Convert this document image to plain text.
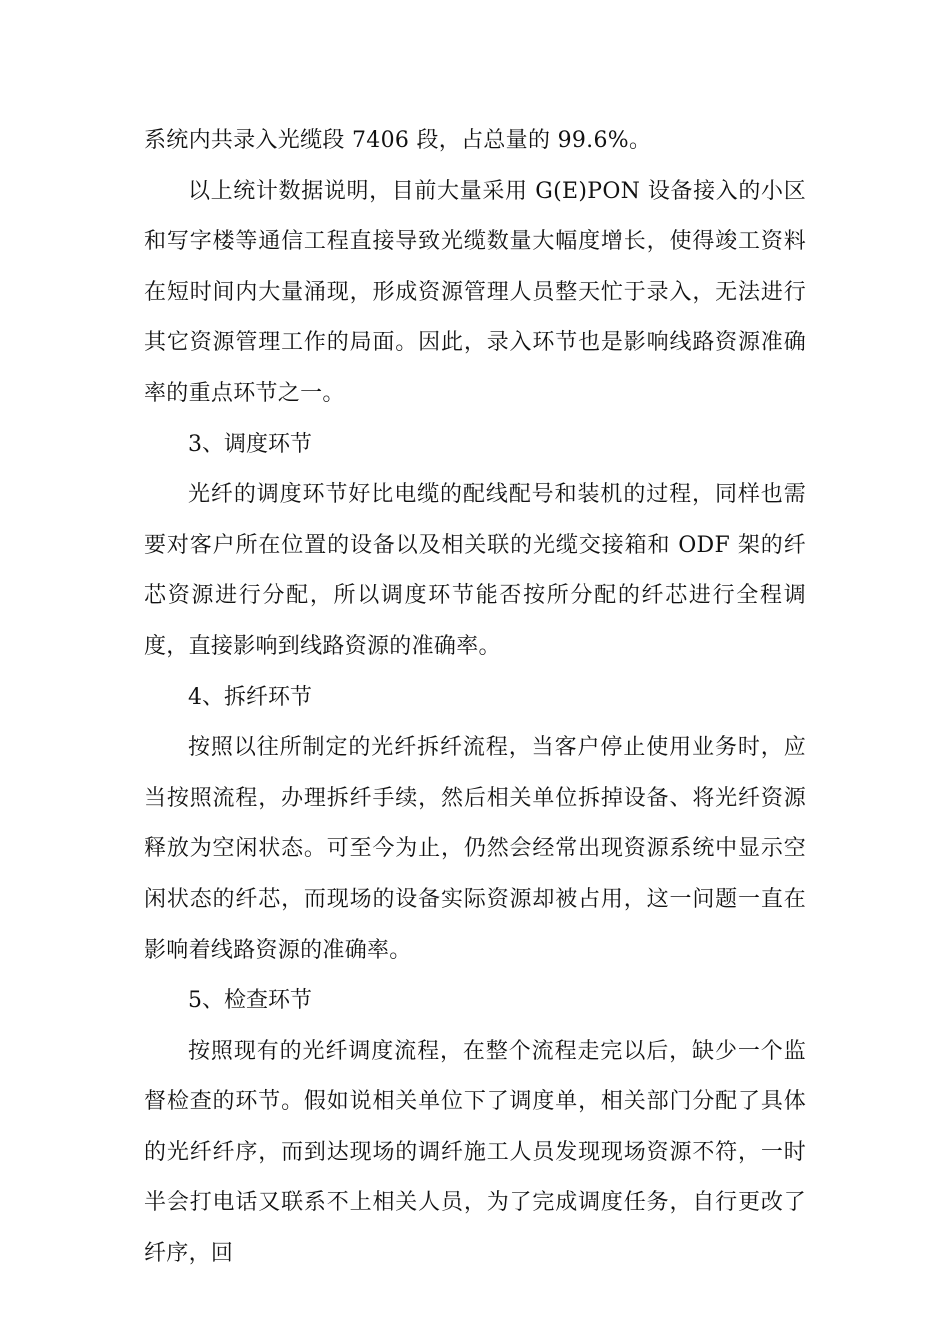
系统内共录入光缆段 7406 段，占总量的 99.6%。

以上统计数据说明，目前大量采用 G(E)PON 设备接入的小区和写字楼等通信工程直接导致光缆数量大幅度增长，使得竣工资料在短时间内大量涌现，形成资源管理人员整天忙于录入，无法进行其它资源管理工作的局面。因此，录入环节也是影响线路资源准确率的重点环节之一。

3、调度环节

光纤的调度环节好比电缆的配线配号和装机的过程，同样也需要对客户所在位置的设备以及相关联的光缆交接箱和 ODF 架的纤芯资源进行分配，所以调度环节能否按所分配的纤芯进行全程调度，直接影响到线路资源的准确率。

4、拆纤环节

按照以往所制定的光纤拆纤流程，当客户停止使用业务时，应当按照流程，办理拆纤手续，然后相关单位拆掉设备、将光纤资源释放为空闲状态。可至今为止，仍然会经常出现资源系统中显示空闲状态的纤芯，而现场的设备实际资源却被占用，这一问题一直在影响着线路资源的准确率。

5、检查环节

按照现有的光纤调度流程，在整个流程走完以后，缺少一个监督检查的环节。假如说相关单位下了调度单，相关部门分配了具体的光纤纤序，而到达现场的调纤施工人员发现现场资源不符，一时半会打电话又联系不上相关人员，为了完成调度任务，自行更改了纤序，回
